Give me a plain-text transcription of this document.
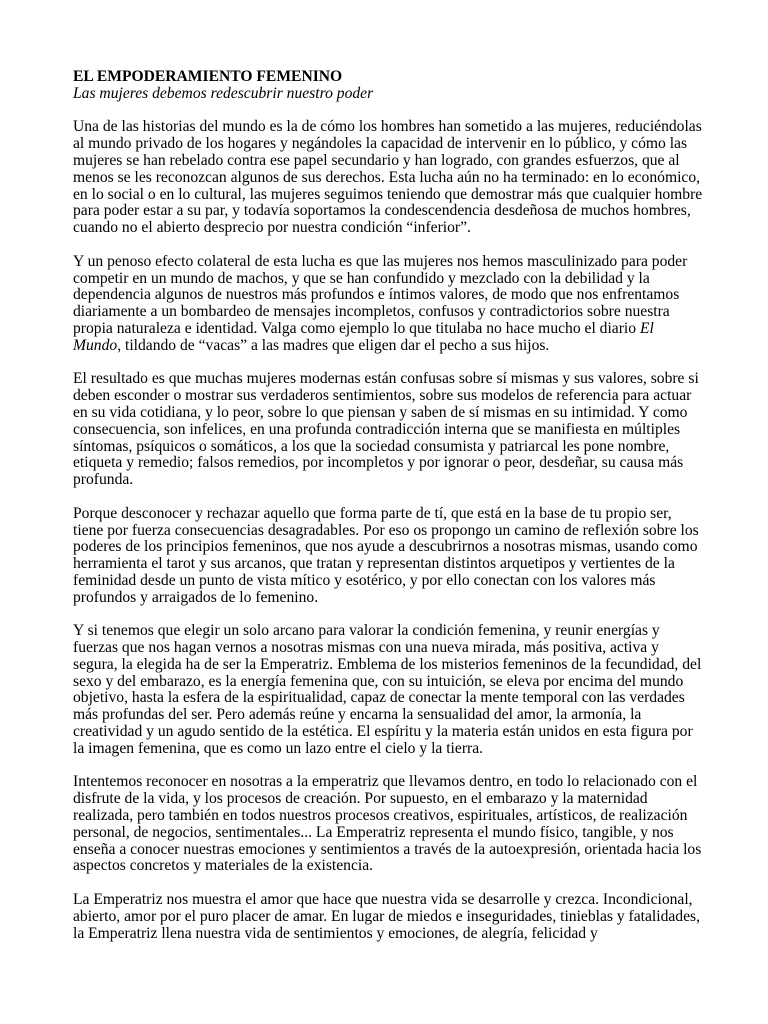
EL EMPODERAMIENTO FEMENINO
Las mujeres debemos redescubrir nuestro poder

Una de las historias del mundo es la de cómo los hombres han sometido a las mujeres, reduciéndolas al mundo privado de los hogares y negándoles la capacidad de intervenir en lo público, y cómo las mujeres se han rebelado contra ese papel secundario y han logrado, con grandes esfuerzos, que al menos se les reconozcan algunos de sus derechos. Esta lucha aún no ha terminado: en lo económico, en lo social o en lo cultural, las mujeres seguimos teniendo que demostrar más que cualquier hombre para poder estar a su par, y todavía soportamos la condescendencia desdeñosa de muchos hombres, cuando no el abierto desprecio por nuestra condición “inferior”.

Y un penoso efecto colateral de esta lucha es que las mujeres nos hemos masculinizado para poder competir en un mundo de machos, y que se han confundido y mezclado con la debilidad y la dependencia algunos de nuestros más profundos e íntimos valores, de modo que nos enfrentamos diariamente a un bombardeo de mensajes incompletos, confusos y contradictorios sobre nuestra propia naturaleza e identidad. Valga como ejemplo lo que titulaba no hace mucho el diario El Mundo, tildando de “vacas” a las madres que eligen dar el pecho a sus hijos.

El resultado es que muchas mujeres modernas están confusas sobre sí mismas y sus valores, sobre si deben esconder o mostrar sus verdaderos sentimientos, sobre sus modelos de referencia para actuar en su vida cotidiana, y lo peor, sobre lo que piensan y saben de sí mismas en su intimidad. Y como consecuencia, son infelices, en una profunda contradicción interna que se manifiesta en múltiples síntomas, psíquicos o somáticos, a los que la sociedad consumista y patriarcal les pone nombre, etiqueta y remedio; falsos remedios, por incompletos y por ignorar o peor, desdeñar, su causa más profunda.

Porque desconocer y rechazar aquello que forma parte de tí, que está en la base de tu propio ser, tiene por fuerza consecuencias desagradables. Por eso os propongo un camino de reflexión sobre los poderes de los principios femeninos, que nos ayude a descubrirnos a nosotras mismas, usando como herramienta el tarot y sus arcanos, que tratan y representan distintos arquetipos y vertientes de la feminidad desde un punto de vista mítico y esotérico, y por ello conectan con los valores más profundos y arraigados de lo femenino.

Y si tenemos que elegir un solo arcano para valorar la condición femenina, y reunir energías y fuerzas que nos hagan vernos a nosotras mismas con una nueva mirada, más positiva, activa y segura, la elegida ha de ser la Emperatriz. Emblema de los misterios femeninos de la fecundidad, del sexo y del embarazo, es la energía femenina que, con su intuición, se eleva por encima del mundo objetivo, hasta la esfera de la espiritualidad, capaz de conectar la mente temporal con las verdades más profundas del ser. Pero además reúne y encarna la sensualidad del amor, la armonía, la creatividad y un agudo sentido de la estética. El espíritu y la materia están unidos en esta figura por la imagen femenina, que es como un lazo entre el cielo y la tierra.

Intentemos reconocer en nosotras a la emperatriz que llevamos dentro, en todo lo relacionado con el disfrute de la vida, y los procesos de creación. Por supuesto, en el embarazo y la maternidad realizada, pero también en todos nuestros procesos creativos, espirituales, artísticos, de realización personal, de negocios, sentimentales... La Emperatriz representa el mundo físico, tangible, y nos enseña a conocer nuestras emociones y sentimientos a través de la autoexpresión, orientada hacia los aspectos concretos y materiales de la existencia.

La Emperatriz nos muestra el amor que hace que nuestra vida se desarrolle y crezca. Incondicional, abierto, amor por el puro placer de amar. En lugar de miedos e inseguridades, tinieblas y fatalidades, la Emperatriz llena nuestra vida de sentimientos y emociones, de alegría, felicidad y
